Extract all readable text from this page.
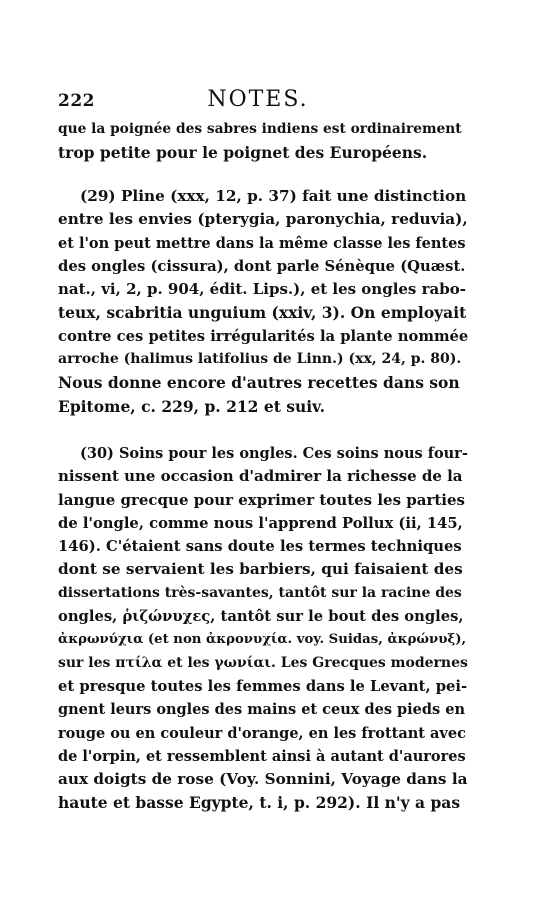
222	NOTES.
que la poignée des sabres indiens est ordinairement
trop petite pour le poignet des Européens.
(29) Pline (xxx, 12, p. 37) fait une distinction
entre les envies (pterygia, paronychia, reduvia),
et l'on peut mettre dans la même classe les fentes
des ongles (cissura), dont parle Sénèque (Quæst.
nat., vi, 2, p. 904, édit. Lips.), et les ongles rabo-
teux, scabritia unguium (xxiv, 3). On employait
contre ces petites irrégularités la plante nommée
arroche (halimus latifolius de Linn.) (xx, 24, p. 80).
Nous donne encore d'autres recettes dans son
Epitome, c. 229, p. 212 et suiv.
(30) Soins pour les ongles. Ces soins nous four-
nissent une occasion d'admirer la richesse de la
langue grecque pour exprimer toutes les parties
de l'ongle, comme nous l'apprend Pollux (ii, 145,
146). C'étaient sans doute les termes techniques
dont se servaient les barbiers, qui faisaient des
dissertations très-savantes, tantôt sur la racine des
ongles, ῥιζώνυχες, tantôt sur le bout des ongles,
ἀκρωνύχια (et non ἀκρονυχία. voy. Suidas, ἀκρώνυξ),
sur les πτίλα et les γωνίαι. Les Grecques modernes
et presque toutes les femmes dans le Levant, pei-
gnent leurs ongles des mains et ceux des pieds en
rouge ou en couleur d'orange, en les frottant avec
de l'orpin, et ressemblent ainsi à autant d'aurores
aux doigts de rose (Voy. Sonnini, Voyage dans la
haute et basse Egypte, t. i, p. 292). Il n'y a pas
